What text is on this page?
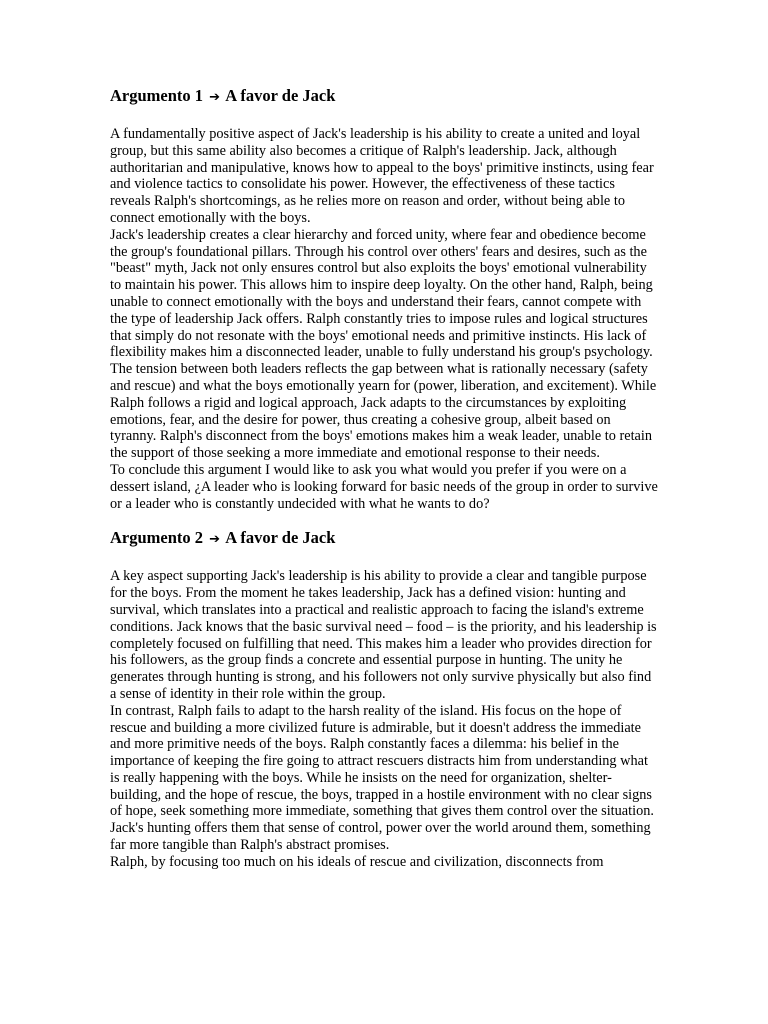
Argumento 1 ➔ A favor de Jack

A fundamentally positive aspect of Jack's leadership is his ability to create a united and loyal group, but this same ability also becomes a critique of Ralph's leadership. Jack, although authoritarian and manipulative, knows how to appeal to the boys' primitive instincts, using fear and violence tactics to consolidate his power. However, the effectiveness of these tactics reveals Ralph's shortcomings, as he relies more on reason and order, without being able to connect emotionally with the boys.

Jack's leadership creates a clear hierarchy and forced unity, where fear and obedience become the group's foundational pillars. Through his control over others' fears and desires, such as the "beast" myth, Jack not only ensures control but also exploits the boys' emotional vulnerability to maintain his power. This allows him to inspire deep loyalty. On the other hand, Ralph, being unable to connect emotionally with the boys and understand their fears, cannot compete with the type of leadership Jack offers. Ralph constantly tries to impose rules and logical structures that simply do not resonate with the boys' emotional needs and primitive instincts. His lack of flexibility makes him a disconnected leader, unable to fully understand his group's psychology.

The tension between both leaders reflects the gap between what is rationally necessary (safety and rescue) and what the boys emotionally yearn for (power, liberation, and excitement). While Ralph follows a rigid and logical approach, Jack adapts to the circumstances by exploiting emotions, fear, and the desire for power, thus creating a cohesive group, albeit based on tyranny. Ralph's disconnect from the boys' emotions makes him a weak leader, unable to retain the support of those seeking a more immediate and emotional response to their needs.

To conclude this argument I would like to ask you what would you prefer if you were on a dessert island, ¿A leader who is looking forward for basic needs of the group in order to survive or a leader who is constantly undecided with what he wants to do?

Argumento 2 ➔ A favor de Jack

A key aspect supporting Jack's leadership is his ability to provide a clear and tangible purpose for the boys. From the moment he takes leadership, Jack has a defined vision: hunting and survival, which translates into a practical and realistic approach to facing the island's extreme conditions. Jack knows that the basic survival need – food – is the priority, and his leadership is completely focused on fulfilling that need. This makes him a leader who provides direction for his followers, as the group finds a concrete and essential purpose in hunting. The unity he generates through hunting is strong, and his followers not only survive physically but also find a sense of identity in their role within the group.

In contrast, Ralph fails to adapt to the harsh reality of the island. His focus on the hope of rescue and building a more civilized future is admirable, but it doesn't address the immediate and more primitive needs of the boys. Ralph constantly faces a dilemma: his belief in the importance of keeping the fire going to attract rescuers distracts him from understanding what is really happening with the boys. While he insists on the need for organization, shelter-building, and the hope of rescue, the boys, trapped in a hostile environment with no clear signs of hope, seek something more immediate, something that gives them control over the situation. Jack's hunting offers them that sense of control, power over the world around them, something far more tangible than Ralph's abstract promises.

Ralph, by focusing too much on his ideals of rescue and civilization, disconnects from
